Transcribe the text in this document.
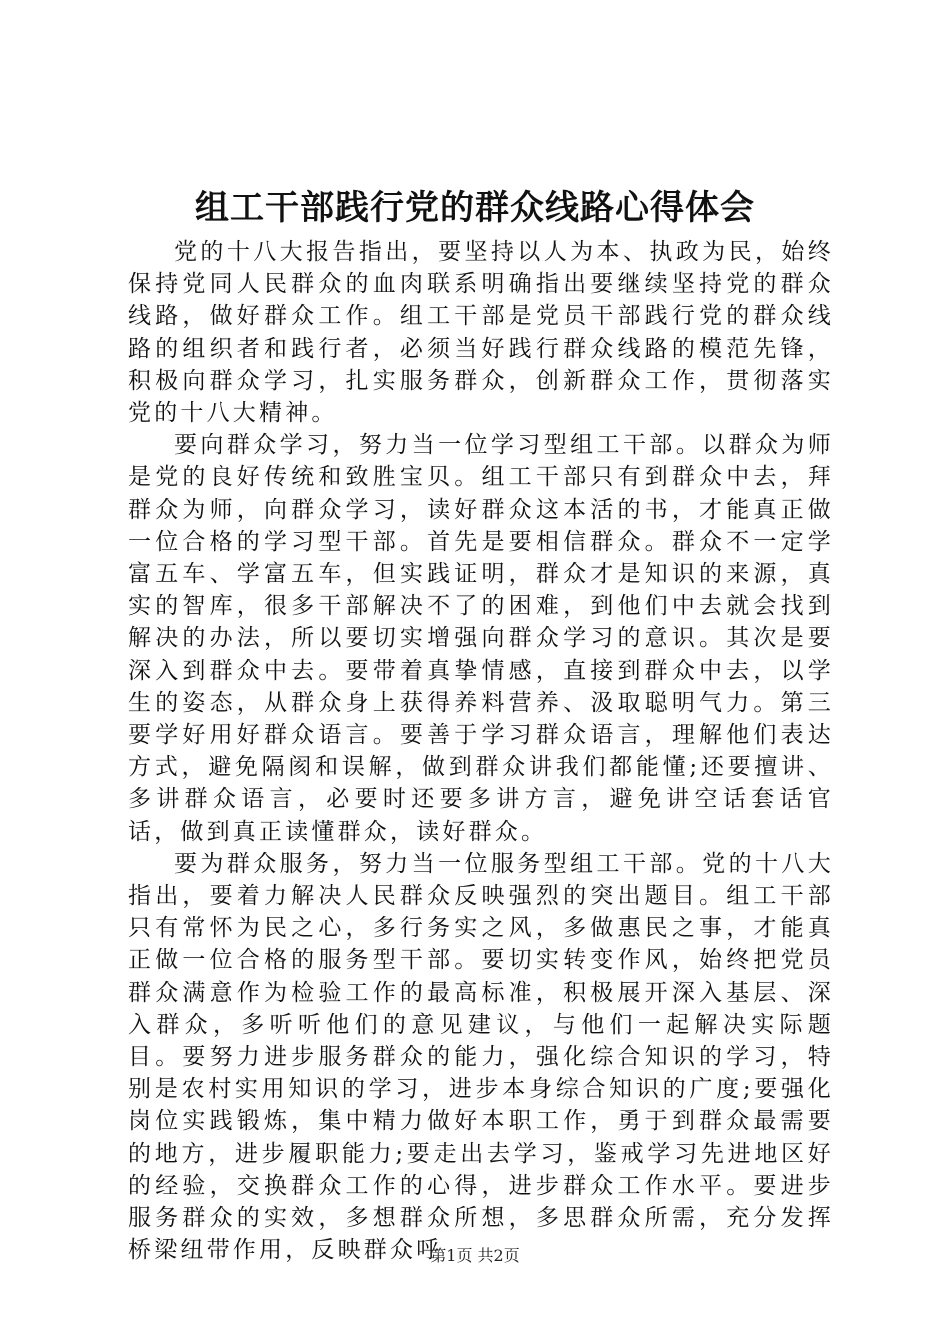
组工干部践行党的群众线路心得体会

党的十八大报告指出，要坚持以人为本、执政为民，始终保持党同人民群众的血肉联系明确指出要继续坚持党的群众线路，做好群众工作。组工干部是党员干部践行党的群众线路的组织者和践行者，必须当好践行群众线路的模范先锋，积极向群众学习，扎实服务群众，创新群众工作，贯彻落实党的十八大精神。

要向群众学习，努力当一位学习型组工干部。以群众为师是党的良好传统和致胜宝贝。组工干部只有到群众中去，拜群众为师，向群众学习，读好群众这本活的书，才能真正做一位合格的学习型干部。首先是要相信群众。群众不一定学富五车、学富五车，但实践证明，群众才是知识的来源，真实的智库，很多干部解决不了的困难，到他们中去就会找到解决的办法，所以要切实增强向群众学习的意识。其次是要深入到群众中去。要带着真挚情感，直接到群众中去，以学生的姿态，从群众身上获得养料营养、汲取聪明气力。第三要学好用好群众语言。要善于学习群众语言，理解他们表达方式，避免隔阂和误解，做到群众讲我们都能懂;还要擅讲、多讲群众语言，必要时还要多讲方言，避免讲空话套话官话，做到真正读懂群众，读好群众。

要为群众服务，努力当一位服务型组工干部。党的十八大指出，要着力解决人民群众反映强烈的突出题目。组工干部只有常怀为民之心，多行务实之风，多做惠民之事，才能真正做一位合格的服务型干部。要切实转变作风，始终把党员群众满意作为检验工作的最高标准，积极展开深入基层、深入群众，多听听他们的意见建议，与他们一起解决实际题目。要努力进步服务群众的能力，强化综合知识的学习，特别是农村实用知识的学习，进步本身综合知识的广度;要强化岗位实践锻炼，集中精力做好本职工作，勇于到群众最需要的地方，进步履职能力;要走出去学习，鉴戒学习先进地区好的经验，交换群众工作的心得，进步群众工作水平。要进步服务群众的实效，多想群众所想，多思群众所需，充分发挥桥梁纽带作用，反映群众呼

第1页 共2页
